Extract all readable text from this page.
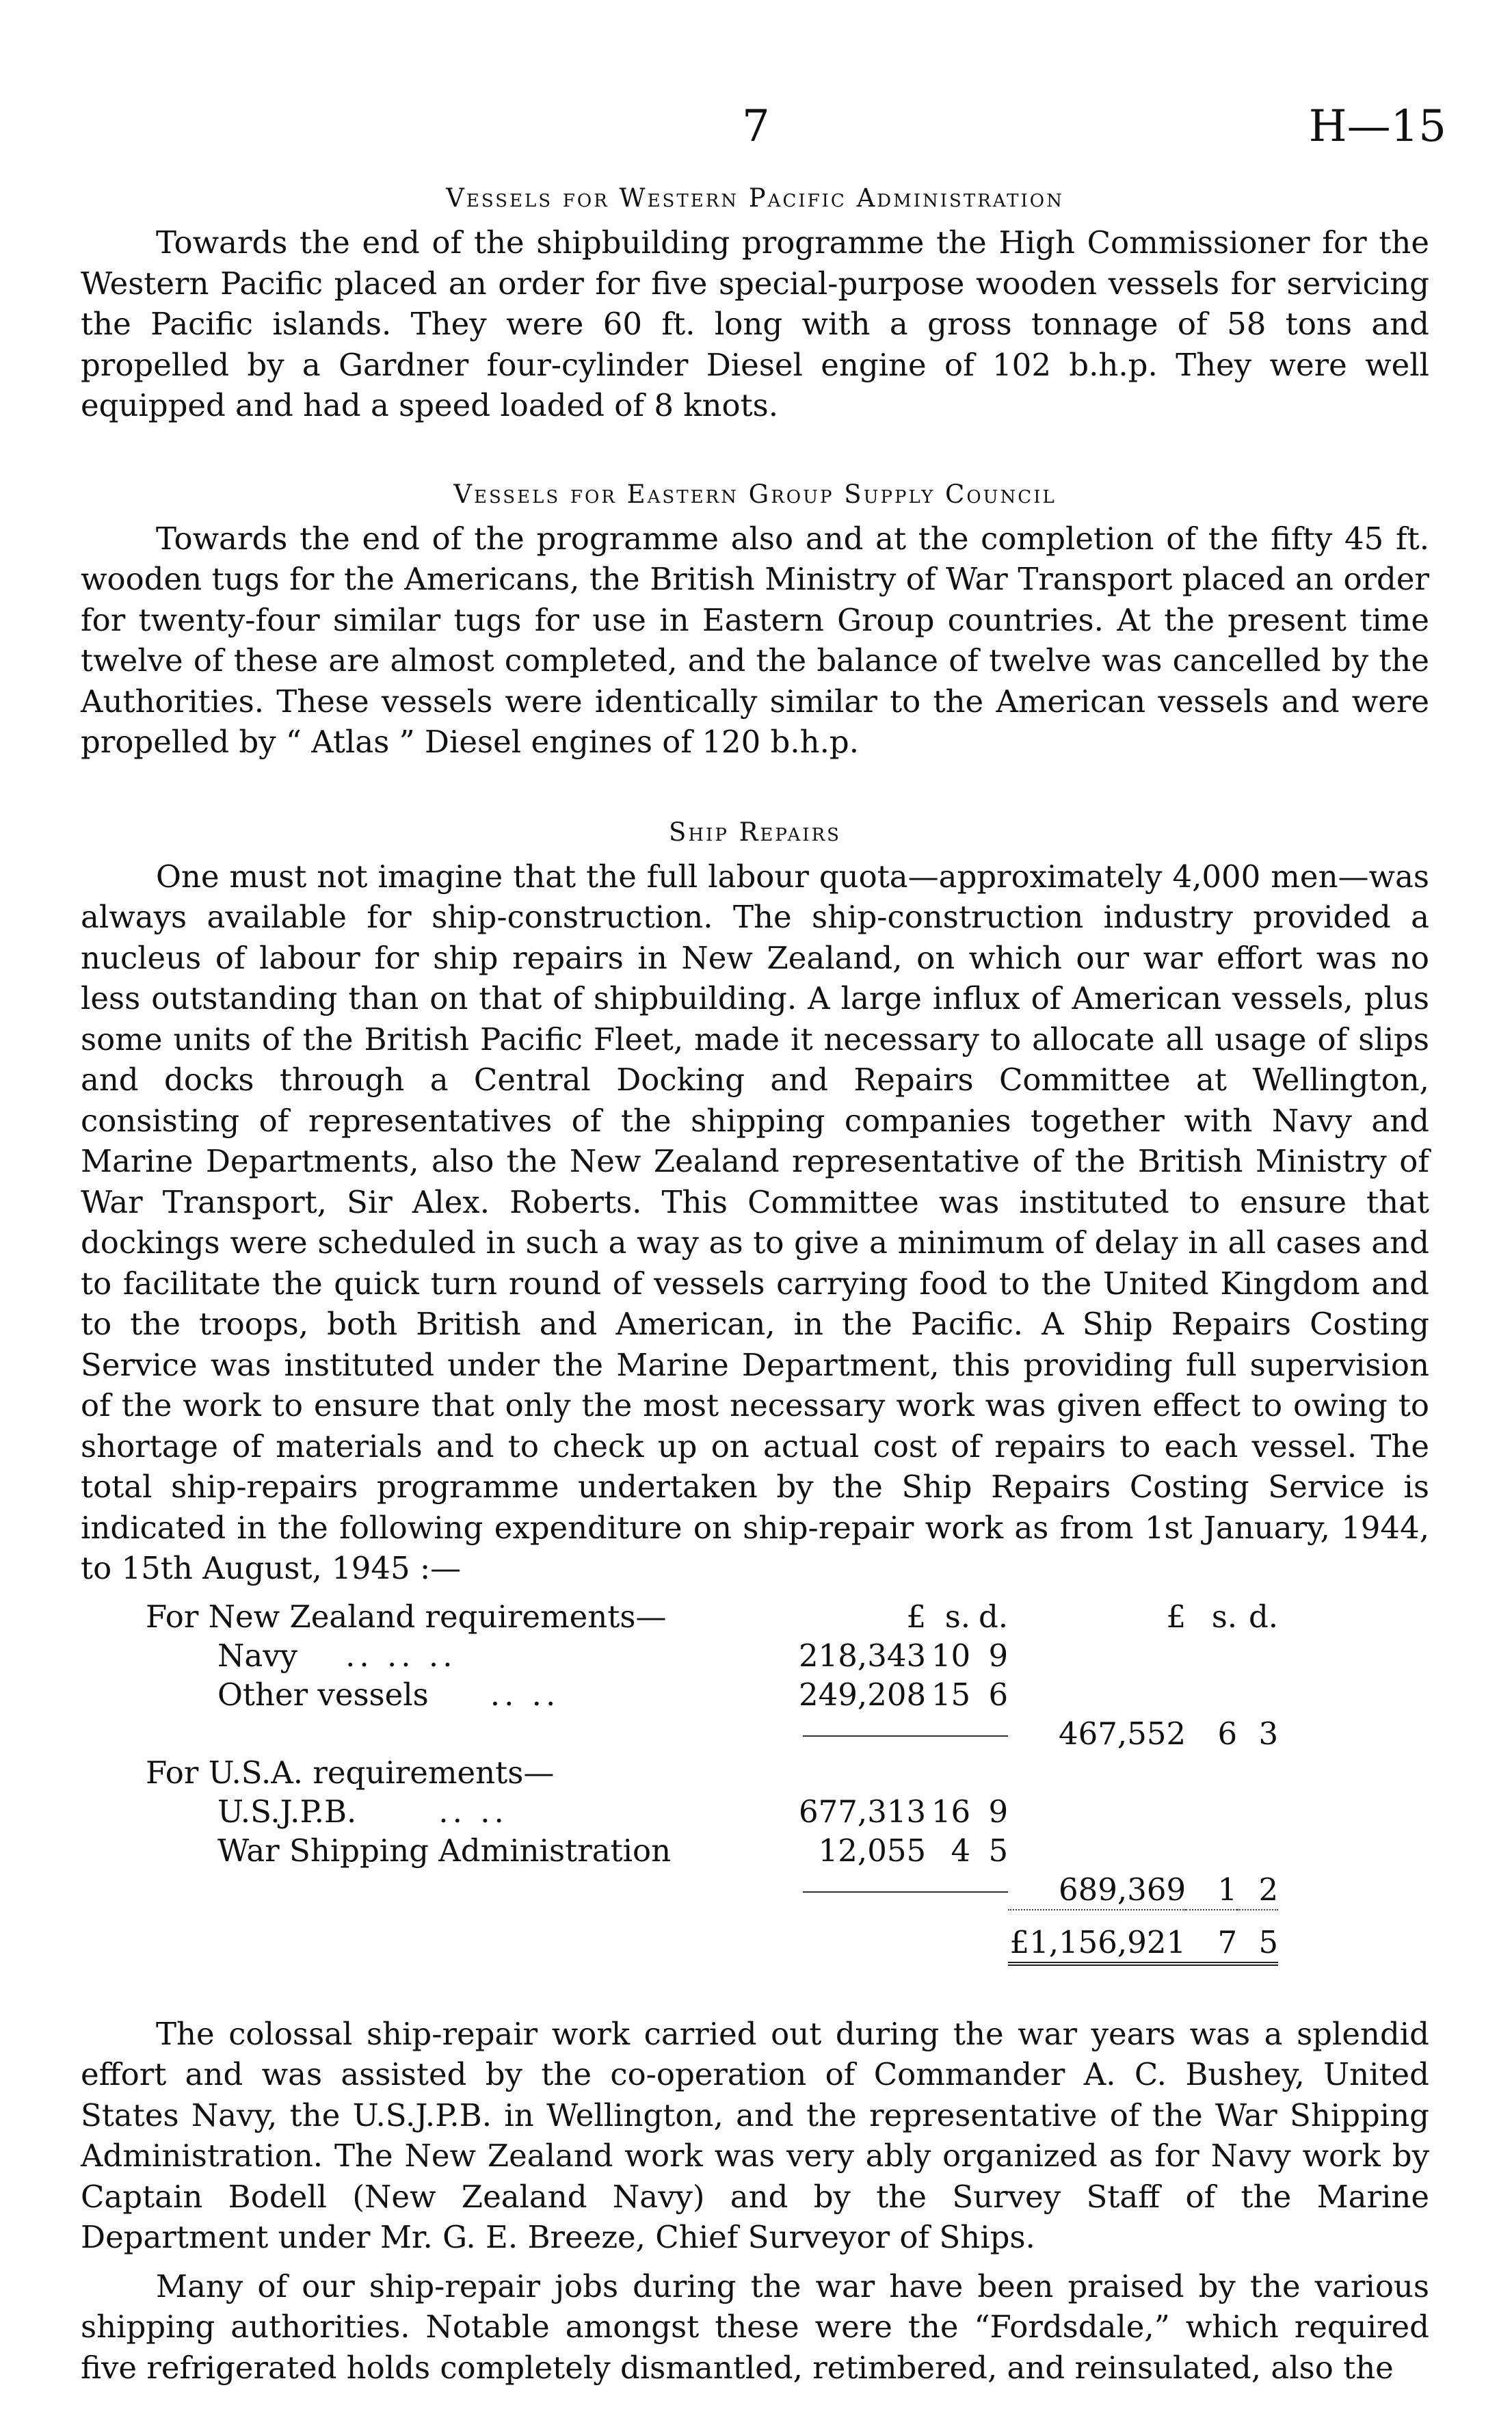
7	H—15
Vessels for Western Pacific Administration

Towards the end of the shipbuilding programme the High Commissioner for the Western Pacific placed an order for five special-purpose wooden vessels for servicing the Pacific islands. They were 60 ft. long with a gross tonnage of 58 tons and propelled by a Gardner four-cylinder Diesel engine of 102 b.h.p. They were well equipped and had a speed loaded of 8 knots.

Vessels for Eastern Group Supply Council

Towards the end of the programme also and at the completion of the fifty 45 ft. wooden tugs for the Americans, the British Ministry of War Transport placed an order for twenty-four similar tugs for use in Eastern Group countries. At the present time twelve of these are almost completed, and the balance of twelve was cancelled by the Authorities. These vessels were identically similar to the American vessels and were propelled by “ Atlas ” Diesel engines of 120 b.h.p.

Ship Repairs

One must not imagine that the full labour quota—approximately 4,000 men—was always available for ship-construction. The ship-construction industry provided a nucleus of labour for ship repairs in New Zealand, on which our war effort was no less outstanding than on that of shipbuilding. A large influx of American vessels, plus some units of the British Pacific Fleet, made it necessary to allocate all usage of slips and docks through a Central Docking and Repairs Committee at Wellington, consisting of representatives of the shipping companies together with Navy and Marine Departments, also the New Zealand representative of the British Ministry of War Transport, Sir Alex. Roberts. This Committee was instituted to ensure that dockings were scheduled in such a way as to give a minimum of delay in all cases and to facilitate the quick turn round of vessels carrying food to the United Kingdom and to the troops, both British and American, in the Pacific. A Ship Repairs Costing Service was instituted under the Marine Department, this providing full supervision of the work to ensure that only the most necessary work was given effect to owing to shortage of materials and to check up on actual cost of repairs to each vessel. The total ship-repairs programme undertaken by the Ship Repairs Costing Service is indicated in the following expenditure on ship-repair work as from 1st January, 1944, to 15th August, 1945 :—

For New Zealand requirements—	£	s.	d.	£	s.	d.
Navy .. .. ..	218,343	10	9			
Other vessels .. ..	249,208	15	6			
				467,552	6	3
For U.S.A. requirements—						
U.S.J.P.B. .. ..	677,313	16	9			
War Shipping Administration	12,055	4	5			
				689,369	1	2

				£1,156,921	7	5

The colossal ship-repair work carried out during the war years was a splendid effort and was assisted by the co-operation of Commander A. C. Bushey, United States Navy, the U.S.J.P.B. in Wellington, and the representative of the War Shipping Administration. The New Zealand work was very ably organized as for Navy work by Captain Bodell (New Zealand Navy) and by the Survey Staff of the Marine Department under Mr. G. E. Breeze, Chief Surveyor of Ships.

Many of our ship-repair jobs during the war have been praised by the various shipping authorities. Notable amongst these were the “Fordsdale,” which required five refrigerated holds completely dismantled, retimbered, and reinsulated, also the
